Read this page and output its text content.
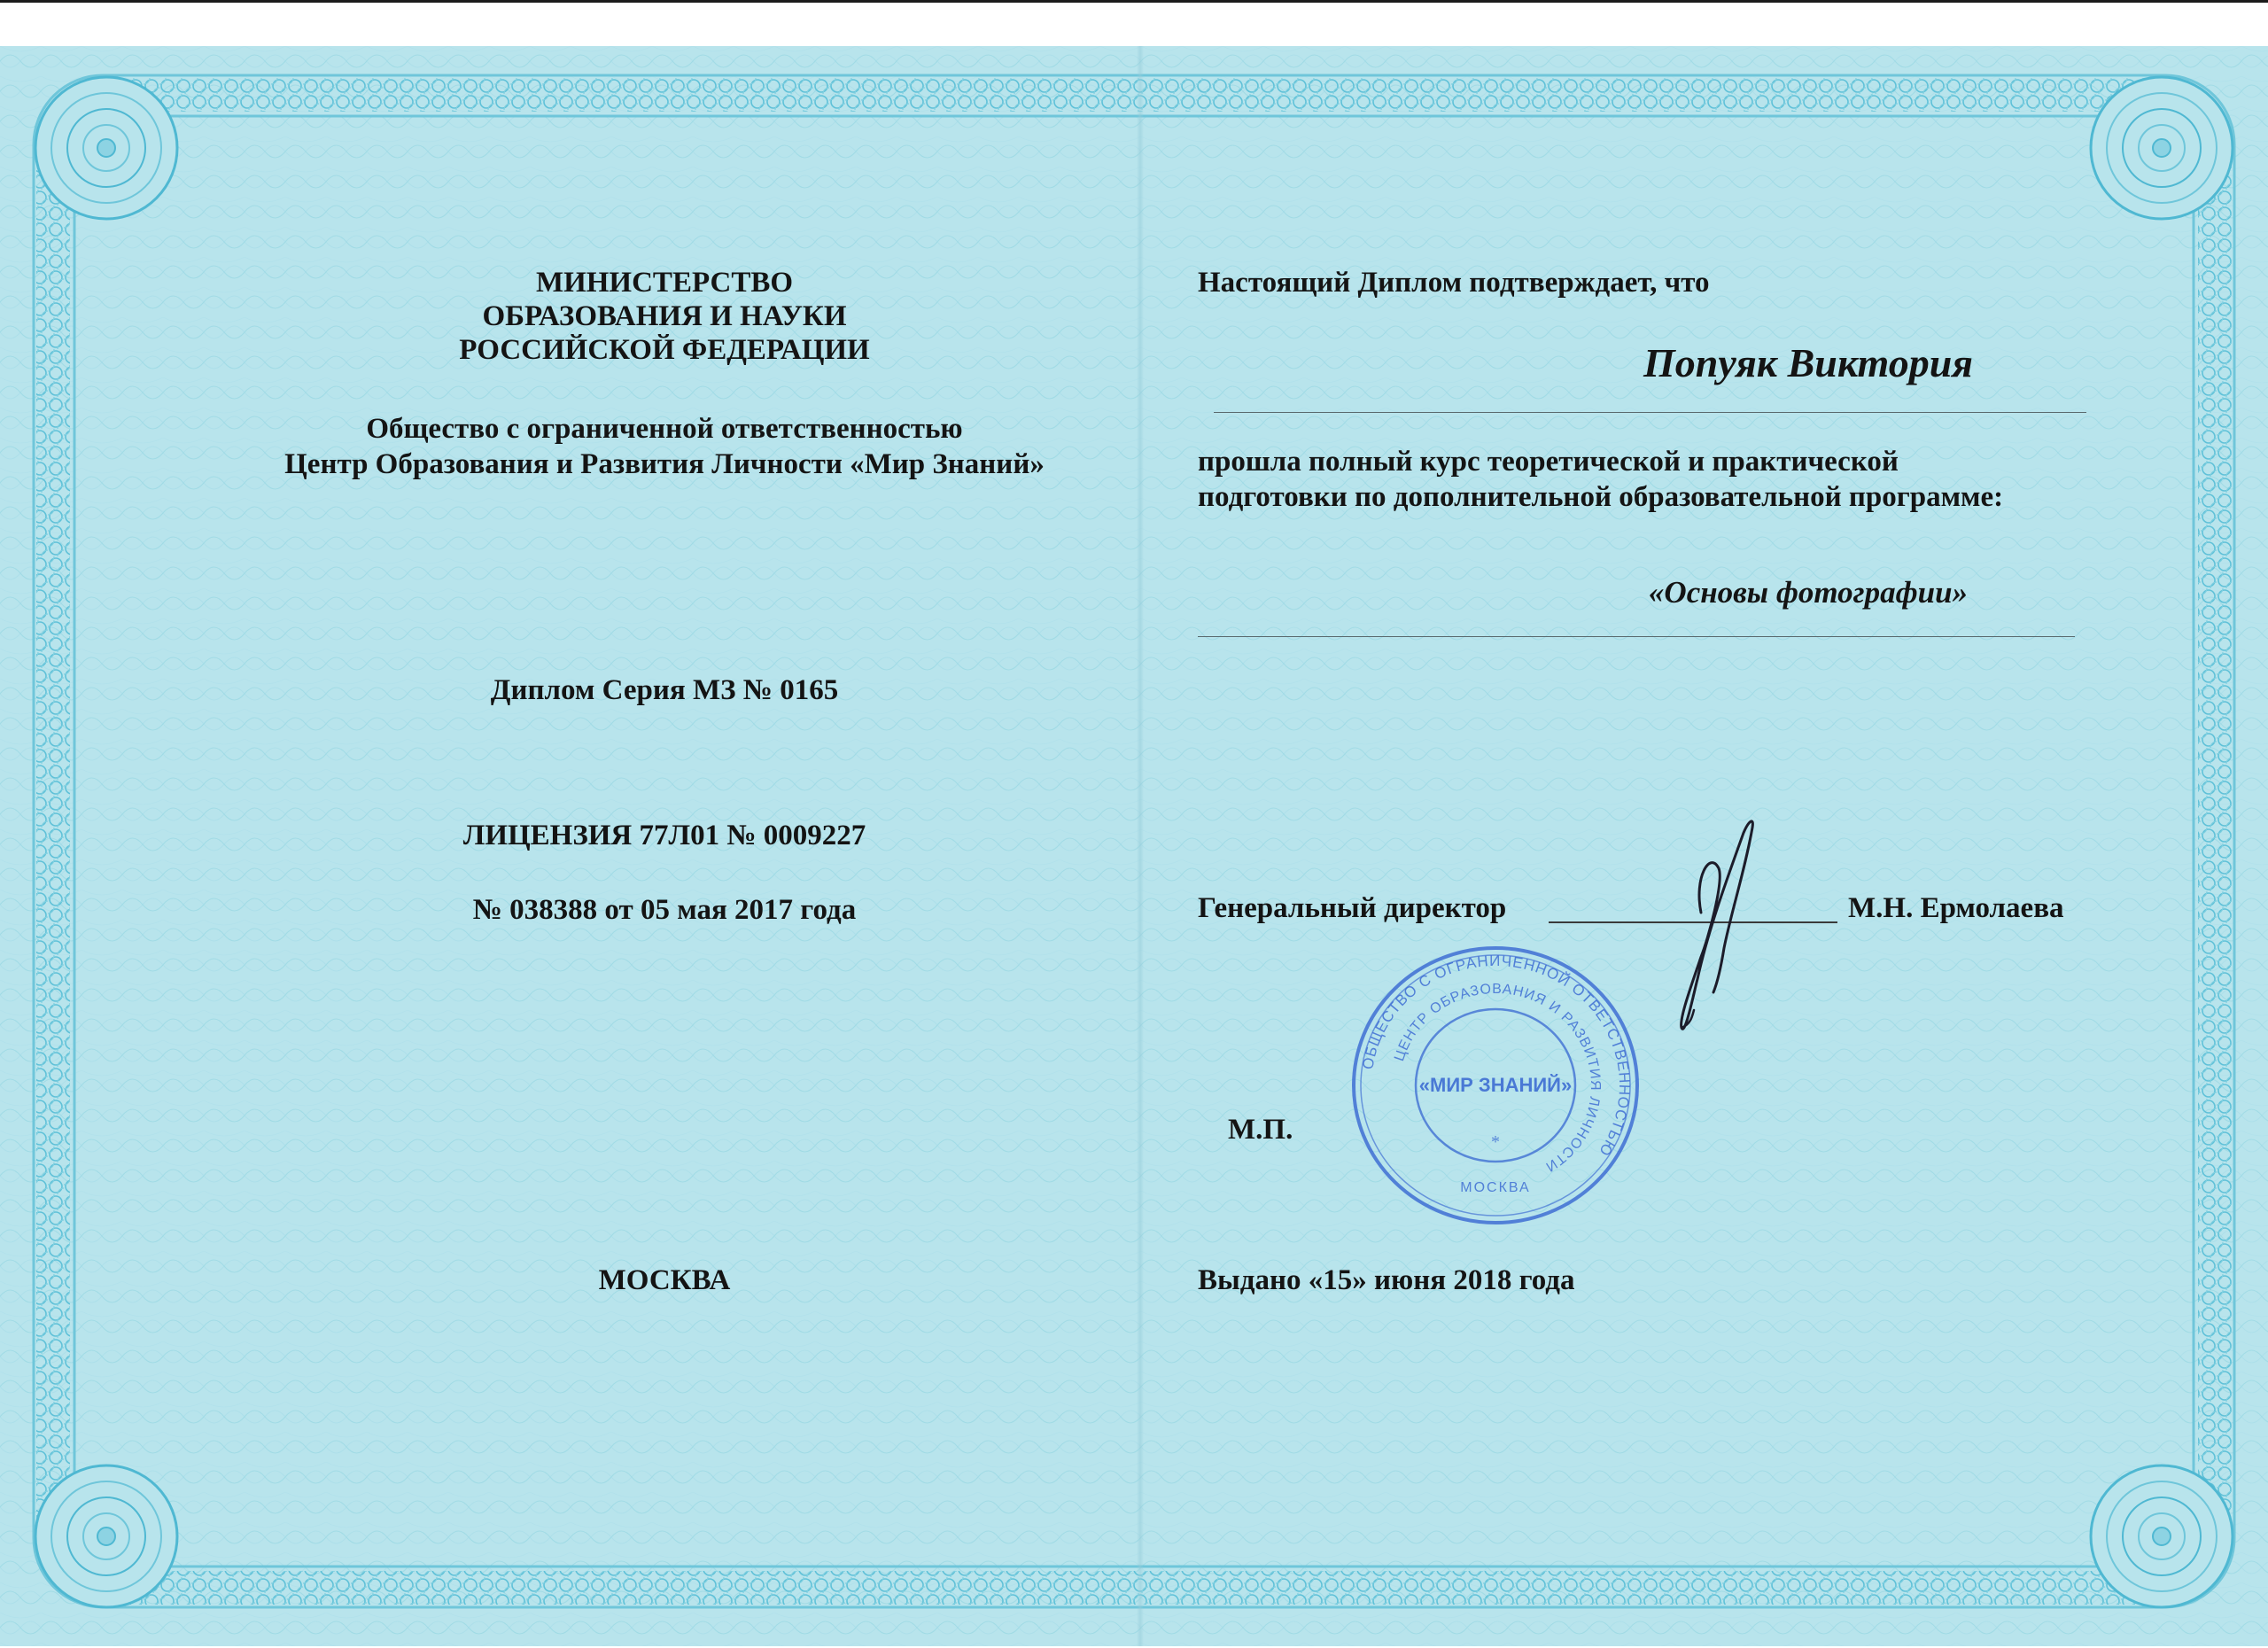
МИНИСТЕРСТВО
ОБРАЗОВАНИЯ И НАУКИ
РОССИЙСКОЙ ФЕДЕРАЦИИ
Общество с ограниченной ответственностью
Центр Образования и Развития Личности «Мир Знаний»
Диплом Серия МЗ № 0165
ЛИЦЕНЗИЯ 77Л01 № 0009227
№ 038388 от 05 мая 2017 года
МОСКВА
Настоящий Диплом подтверждает, что
Попуяк Виктория
прошла полный курс теоретической и практической
подготовки по дополнительной образовательной программе:
«Основы фотографии»
Генеральный директор	М.Н. Ермолаева
М.П.
ОБЩЕСТВО С ОГРАНИЧЕННОЙ ОТВЕТСТВЕННОСТЬЮ
ЦЕНТР ОБРАЗОВАНИЯ И РАЗВИТИЯ ЛИЧНОСТИ
«МИР ЗНАНИЙ»
МОСКВА
*
Выдано «15» июня 2018 года
